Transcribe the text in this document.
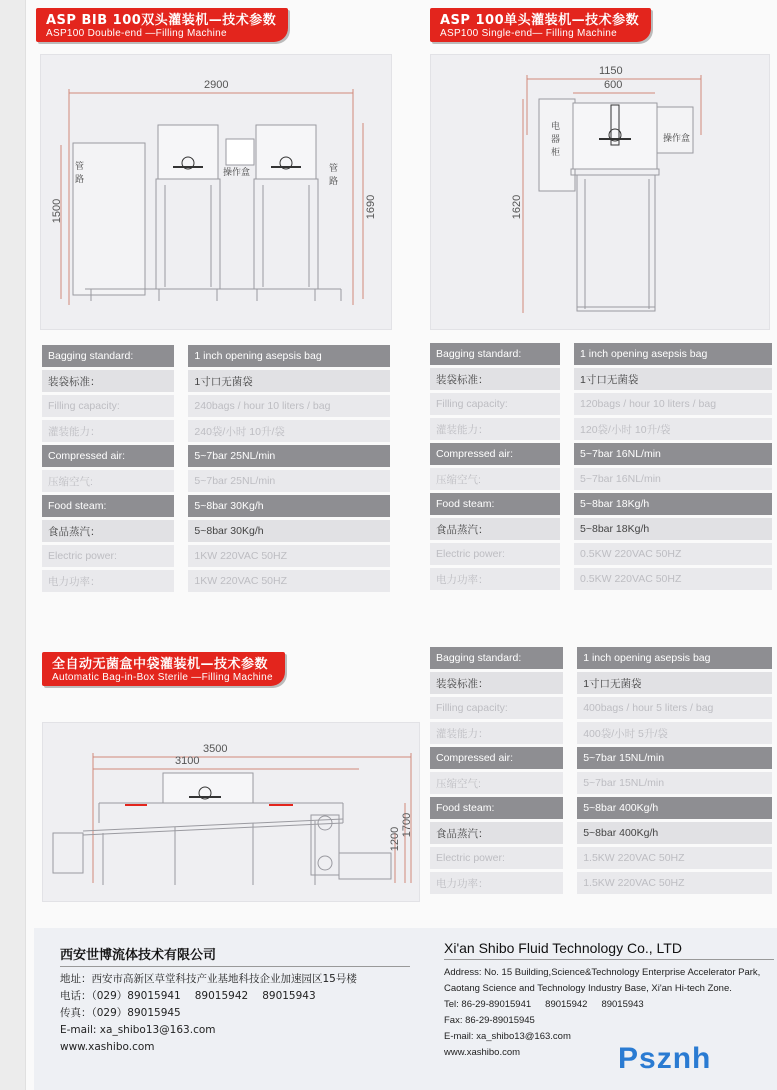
ASP BIB 100双头灌装机—技术参数
ASP100 Double-end —Filling Machine
2900
1500	1690
管路
管路
操作盒
Bagging standard:		1 inch opening asepsis bag
装袋标准：		1寸口无菌袋
Filling capacity:		240bags / hour 10 liters / bag
灌装能力：		240袋/小时 10升/袋
Compressed air:		5~7bar 25NL/min
压缩空气:		5~7bar 25NL/min
Food steam:		5~8bar 30Kg/h
食品蒸汽：		5~8bar 30Kg/h
Electric power:		1KW 220VAC 50HZ
电力功率：		1KW 220VAC 50HZ
ASP 100单头灌装机—技术参数
ASP100 Single-end— Filling Machine
1150
600
1620
电器柜
操作盒
Bagging standard:		1 inch opening asepsis bag
装袋标准：		1寸口无菌袋
Filling capacity:		120bags / hour 10 liters / bag
灌装能力：		120袋/小时 10升/袋
Compressed air:		5~7bar 16NL/min
压缩空气:		5~7bar 16NL/min
Food steam:		5~8bar 18Kg/h
食品蒸汽：		5~8bar 18Kg/h
Electric power:		0.5KW 220VAC 50HZ
电力功率：		0.5KW 220VAC 50HZ
全自动无菌盒中袋灌装机—技术参数
Automatic Bag-in-Box Sterile —Filling Machine
3500
3100
1700
1200
Bagging standard:		1 inch opening asepsis bag
装袋标准：		1寸口无菌袋
Filling capacity:		400bags / hour 5 liters / bag
灌装能力：		400袋/小时 5升/袋
Compressed air:		5~7bar 15NL/min
压缩空气:		5~7bar 15NL/min
Food steam:		5~8bar 400Kg/h
食品蒸汽：		5~8bar 400Kg/h
Electric power:		1.5KW 220VAC 50HZ
电力功率：		1.5KW 220VAC 50HZ
西安世博流体技术有限公司
地址：西安市高新区草堂科技产业基地科技企业加速园区15号楼
电话：（029）89015941 89015942 89015943
传真：（029）89015945
E-mail: xa_shibo13@163.com
www.xashibo.com
Xi'an Shibo Fluid Technology Co., LTD
Address: No. 15 Building,Science&Technology Enterprise Accelerator Park, Caotang Science and Technology Industry Base, Xi'an Hi-tech Zone.
Tel: 86-29-89015941 89015942 89015943
Fax: 86-29-89015945
E-mail: xa_shibo13@163.com
www.xashibo.com	Psznh
